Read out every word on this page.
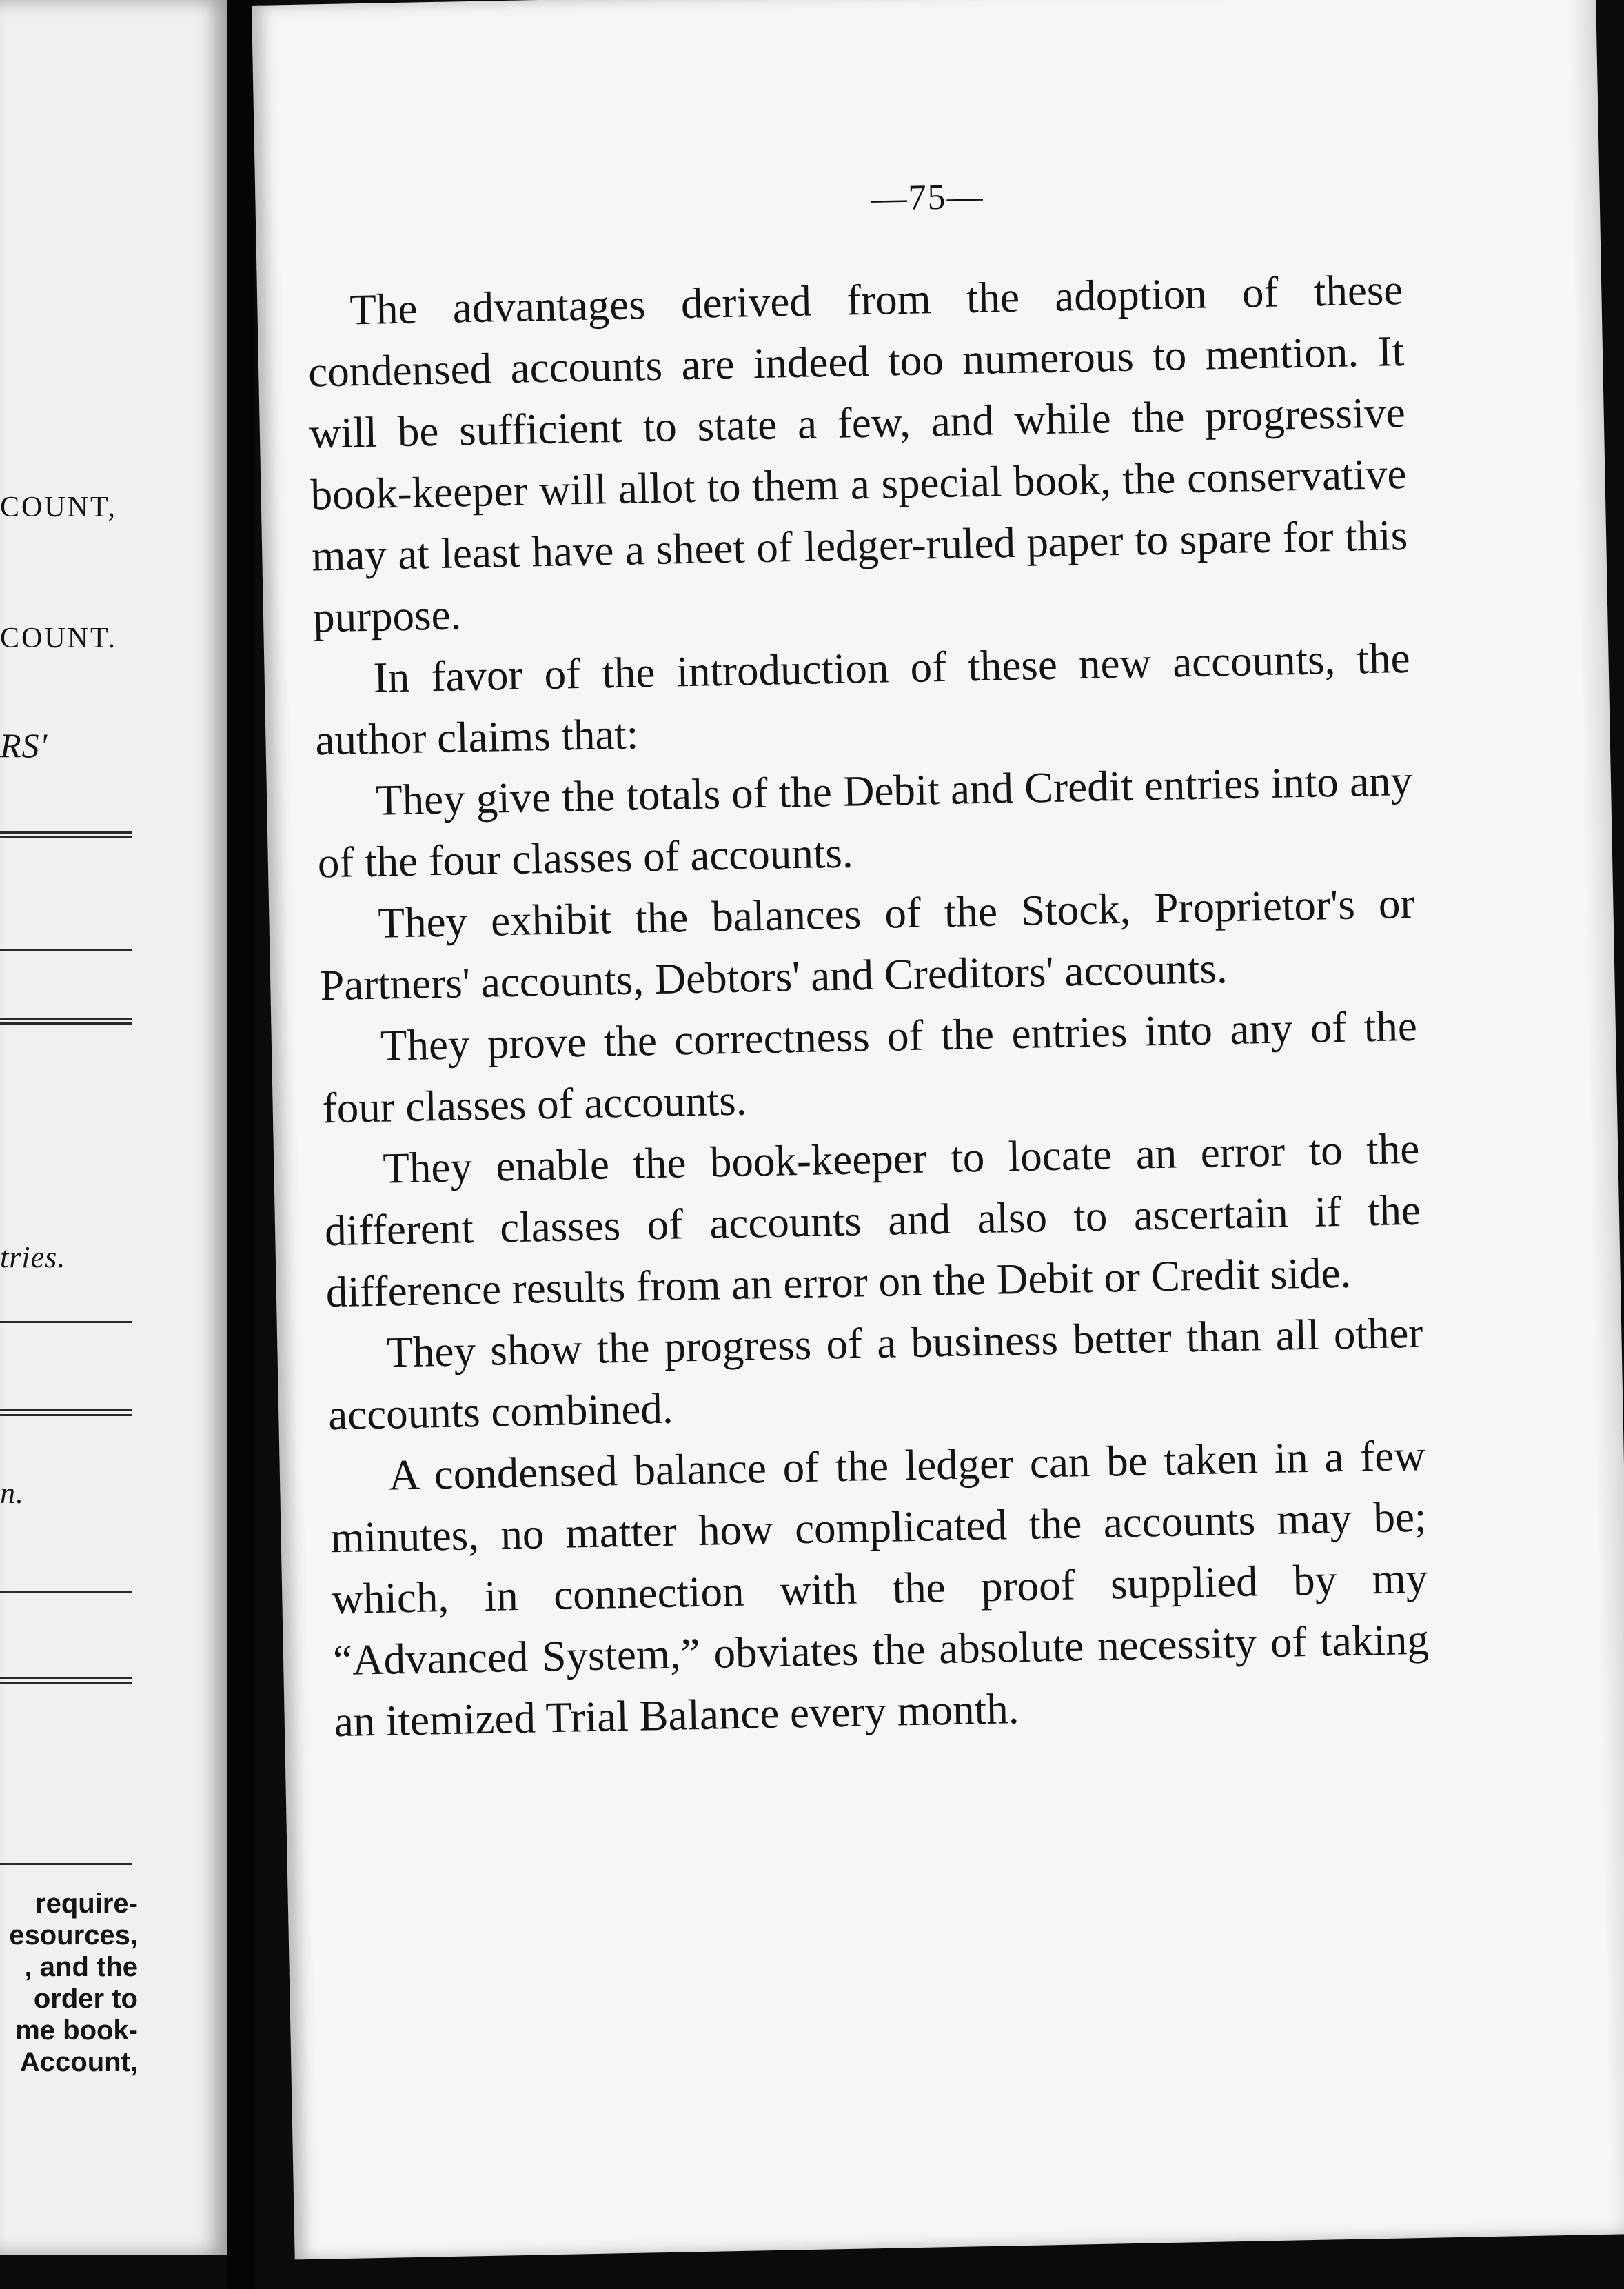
COUNT,
COUNT.
RS'
tries.
n.
require-
esources,
, and the
order to
me book-
Account,
—75—

The advantages derived from the adoption of these condensed accounts are indeed too numerous to mention. It will be sufficient to state a few, and while the progressive book-keeper will allot to them a special book, the conservative may at least have a sheet of ledger-ruled paper to spare for this purpose.

In favor of the introduction of these new accounts, the author claims that:

They give the totals of the Debit and Credit entries into any of the four classes of accounts.

They exhibit the balances of the Stock, Proprietor's or Partners' accounts, Debtors' and Creditors' accounts.

They prove the correctness of the entries into any of the four classes of accounts.

They enable the book-keeper to locate an error to the different classes of accounts and also to ascertain if the difference results from an error on the Debit or Credit side.

They show the progress of a business better than all other accounts combined.

A condensed balance of the ledger can be taken in a few minutes, no matter how complicated the accounts may be; which, in connection with the proof supplied by my “Advanced System,” obviates the absolute necessity of taking an itemized Trial Balance every month.
